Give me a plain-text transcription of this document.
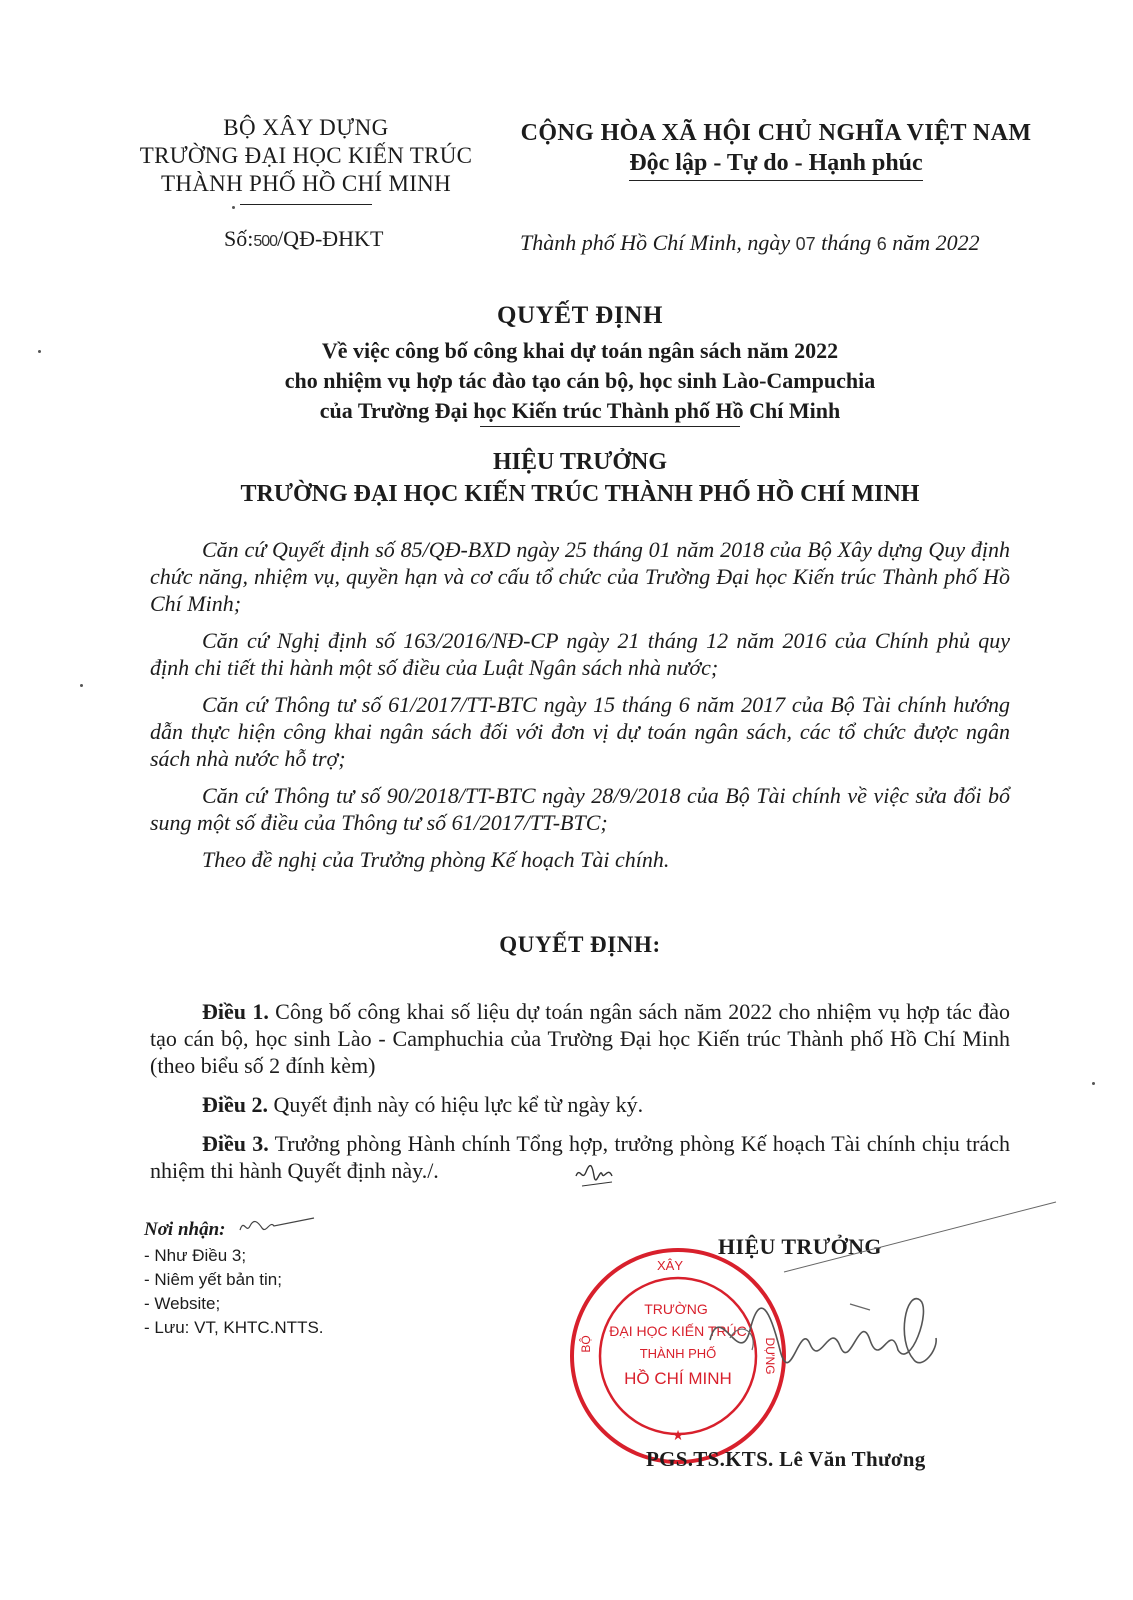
BỘ XÂY DỰNG
TRƯỜNG ĐẠI HỌC KIẾN TRÚC
THÀNH PHỐ HỒ CHÍ MINH
CỘNG HÒA XÃ HỘI CHỦ NGHĨA VIỆT NAM
Độc lập - Tự do - Hạnh phúc
Số:500/QĐ-ĐHKT	Thành phố Hồ Chí Minh, ngày 07 tháng 6 năm 2022
QUYẾT ĐỊNH
Về việc công bố công khai dự toán ngân sách năm 2022
cho nhiệm vụ hợp tác đào tạo cán bộ, học sinh Lào-Campuchia
của Trường Đại học Kiến trúc Thành phố Hồ Chí Minh
HIỆU TRƯỞNG
TRƯỜNG ĐẠI HỌC KIẾN TRÚC THÀNH PHỐ HỒ CHÍ MINH

Căn cứ Quyết định số 85/QĐ-BXD ngày 25 tháng 01 năm 2018 của Bộ Xây dựng Quy định chức năng, nhiệm vụ, quyền hạn và cơ cấu tổ chức của Trường Đại học Kiến trúc Thành phố Hồ Chí Minh;

Căn cứ Nghị định số 163/2016/NĐ-CP ngày 21 tháng 12 năm 2016 của Chính phủ quy định chi tiết thi hành một số điều của Luật Ngân sách nhà nước;

Căn cứ Thông tư số 61/2017/TT-BTC ngày 15 tháng 6 năm 2017 của Bộ Tài chính hướng dẫn thực hiện công khai ngân sách đối với đơn vị dự toán ngân sách, các tổ chức được ngân sách nhà nước hỗ trợ;

Căn cứ Thông tư số 90/2018/TT-BTC ngày 28/9/2018 của Bộ Tài chính về việc sửa đổi bổ sung một số điều của Thông tư số 61/2017/TT-BTC;

Theo đề nghị của Trưởng phòng Kế hoạch Tài chính.

QUYẾT ĐỊNH:

Điều 1. Công bố công khai số liệu dự toán ngân sách năm 2022 cho nhiệm vụ hợp tác đào tạo cán bộ, học sinh Lào - Camphuchia của Trường Đại học Kiến trúc Thành phố Hồ Chí Minh (theo biểu số 2 đính kèm)

Điều 2. Quyết định này có hiệu lực kể từ ngày ký.

Điều 3. Trưởng phòng Hành chính Tổng hợp, trưởng phòng Kế hoạch Tài chính chịu trách nhiệm thi hành Quyết định này./.

Nơi nhận:
- Như Điều 3;
- Niêm yết bản tin;
- Website;
- Lưu: VT, KHTC.NTTS.
HIỆU TRƯỞNG
XÂY
BỘ	DỰNG
TRƯỜNG
ĐẠI HỌC KIẾN TRÚC
THÀNH PHỐ
HỒ CHÍ MINH
★
PGS.TS.KTS. Lê Văn Thương
